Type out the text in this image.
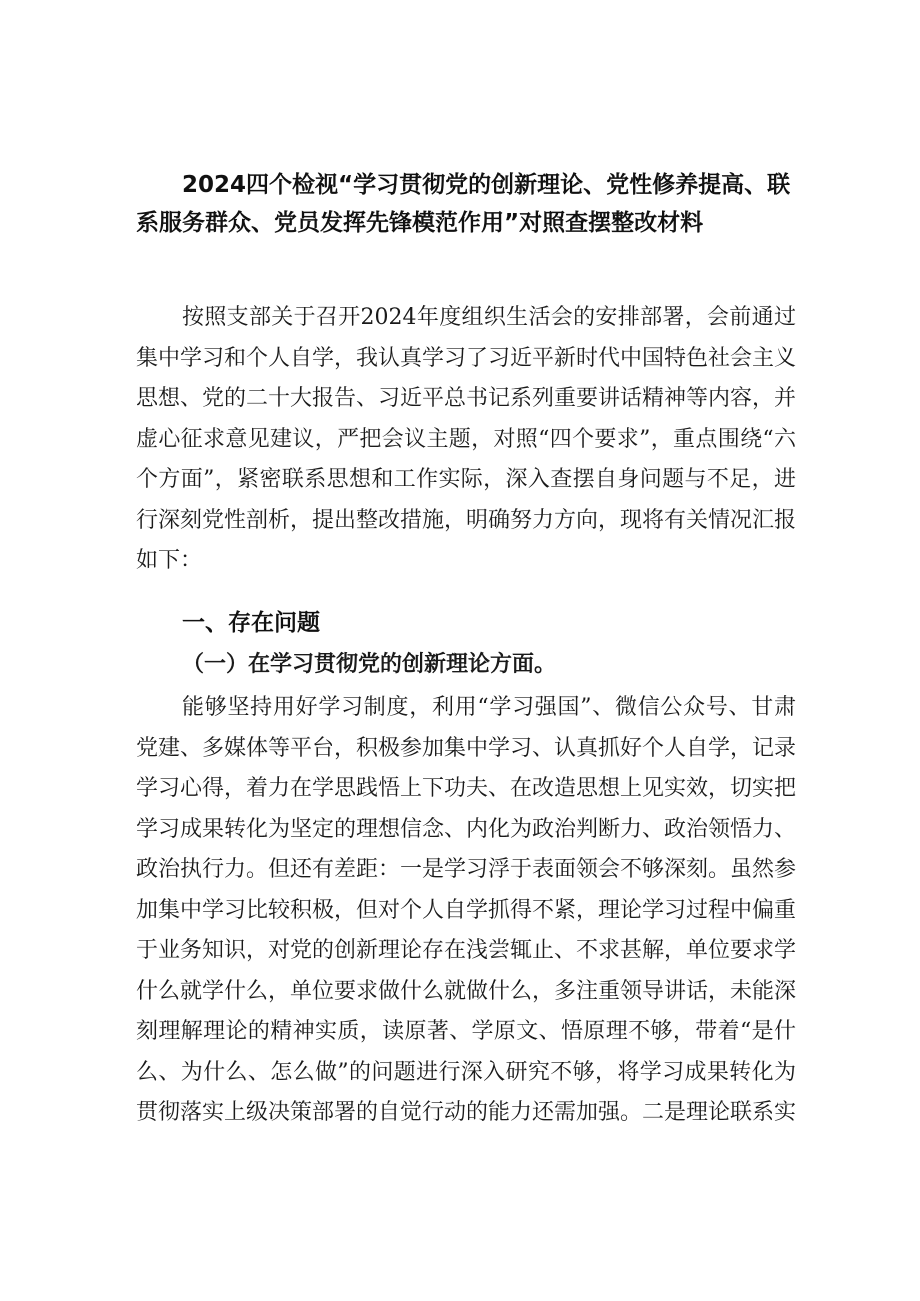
2024四个检视“学习贯彻党的创新理论、党性修养提高、联
系服务群众、党员发挥先锋模范作用”对照查摆整改材料

按照支部关于召开2024年度组织生活会的安排部署，会前通过集中学习和个人自学，我认真学习了习近平新时代中国特色社会主义思想、党的二十大报告、习近平总书记系列重要讲话精神等内容，并虚心征求意见建议，严把会议主题，对照“四个要求”，重点围绕“六个方面”，紧密联系思想和工作实际，深入查摆自身问题与不足，进行深刻党性剖析，提出整改措施，明确努力方向，现将有关情况汇报如下：

一、存在问题
（一）在学习贯彻党的创新理论方面。

能够坚持用好学习制度，利用“学习强国”、微信公众号、甘肃党建、多媒体等平台，积极参加集中学习、认真抓好个人自学，记录学习心得，着力在学思践悟上下功夫、在改造思想上见实效，切实把学习成果转化为坚定的理想信念、内化为政治判断力、政治领悟力、政治执行力。但还有差距：一是学习浮于表面领会不够深刻。虽然参加集中学习比较积极，但对个人自学抓得不紧，理论学习过程中偏重于业务知识，对党的创新理论存在浅尝辄止、不求甚解，单位要求学什么就学什么，单位要求做什么就做什么，多注重领导讲话，未能深刻理解理论的精神实质，读原著、学原文、悟原理不够，带着“是什么、为什么、怎么做”的问题进行深入研究不够，将学习成果转化为贯彻落实上级决策部署的自觉行动的能力还需加强。二是理论联系实
